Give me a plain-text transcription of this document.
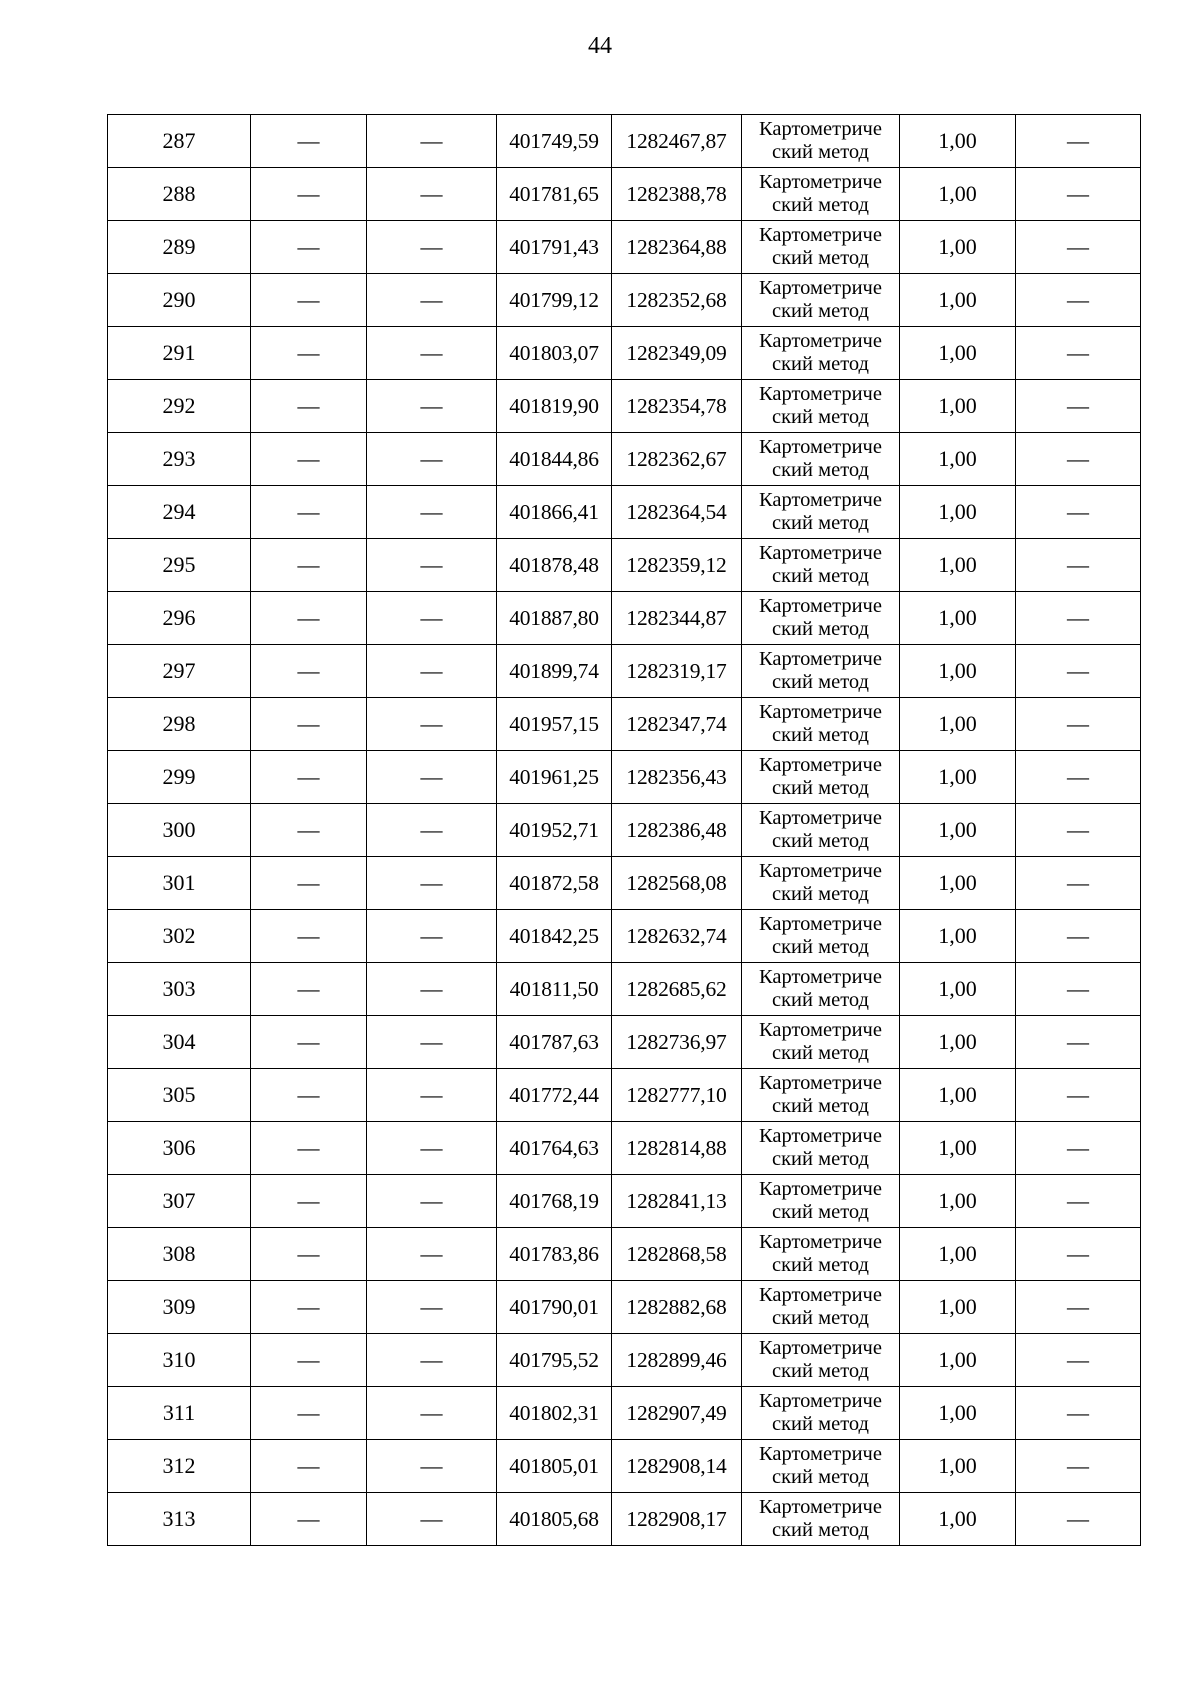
44
287	—	—	401749,59	1282467,87	Картометриче
ский метод	1,00	—
288	—	—	401781,65	1282388,78	Картометриче
ский метод	1,00	—
289	—	—	401791,43	1282364,88	Картометриче
ский метод	1,00	—
290	—	—	401799,12	1282352,68	Картометриче
ский метод	1,00	—
291	—	—	401803,07	1282349,09	Картометриче
ский метод	1,00	—
292	—	—	401819,90	1282354,78	Картометриче
ский метод	1,00	—
293	—	—	401844,86	1282362,67	Картометриче
ский метод	1,00	—
294	—	—	401866,41	1282364,54	Картометриче
ский метод	1,00	—
295	—	—	401878,48	1282359,12	Картометриче
ский метод	1,00	—
296	—	—	401887,80	1282344,87	Картометриче
ский метод	1,00	—
297	—	—	401899,74	1282319,17	Картометриче
ский метод	1,00	—
298	—	—	401957,15	1282347,74	Картометриче
ский метод	1,00	—
299	—	—	401961,25	1282356,43	Картометриче
ский метод	1,00	—
300	—	—	401952,71	1282386,48	Картометриче
ский метод	1,00	—
301	—	—	401872,58	1282568,08	Картометриче
ский метод	1,00	—
302	—	—	401842,25	1282632,74	Картометриче
ский метод	1,00	—
303	—	—	401811,50	1282685,62	Картометриче
ский метод	1,00	—
304	—	—	401787,63	1282736,97	Картометриче
ский метод	1,00	—
305	—	—	401772,44	1282777,10	Картометриче
ский метод	1,00	—
306	—	—	401764,63	1282814,88	Картометриче
ский метод	1,00	—
307	—	—	401768,19	1282841,13	Картометриче
ский метод	1,00	—
308	—	—	401783,86	1282868,58	Картометриче
ский метод	1,00	—
309	—	—	401790,01	1282882,68	Картометриче
ский метод	1,00	—
310	—	—	401795,52	1282899,46	Картометриче
ский метод	1,00	—
311	—	—	401802,31	1282907,49	Картометриче
ский метод	1,00	—
312	—	—	401805,01	1282908,14	Картометриче
ский метод	1,00	—
313	—	—	401805,68	1282908,17	Картометриче
ский метод	1,00	—
